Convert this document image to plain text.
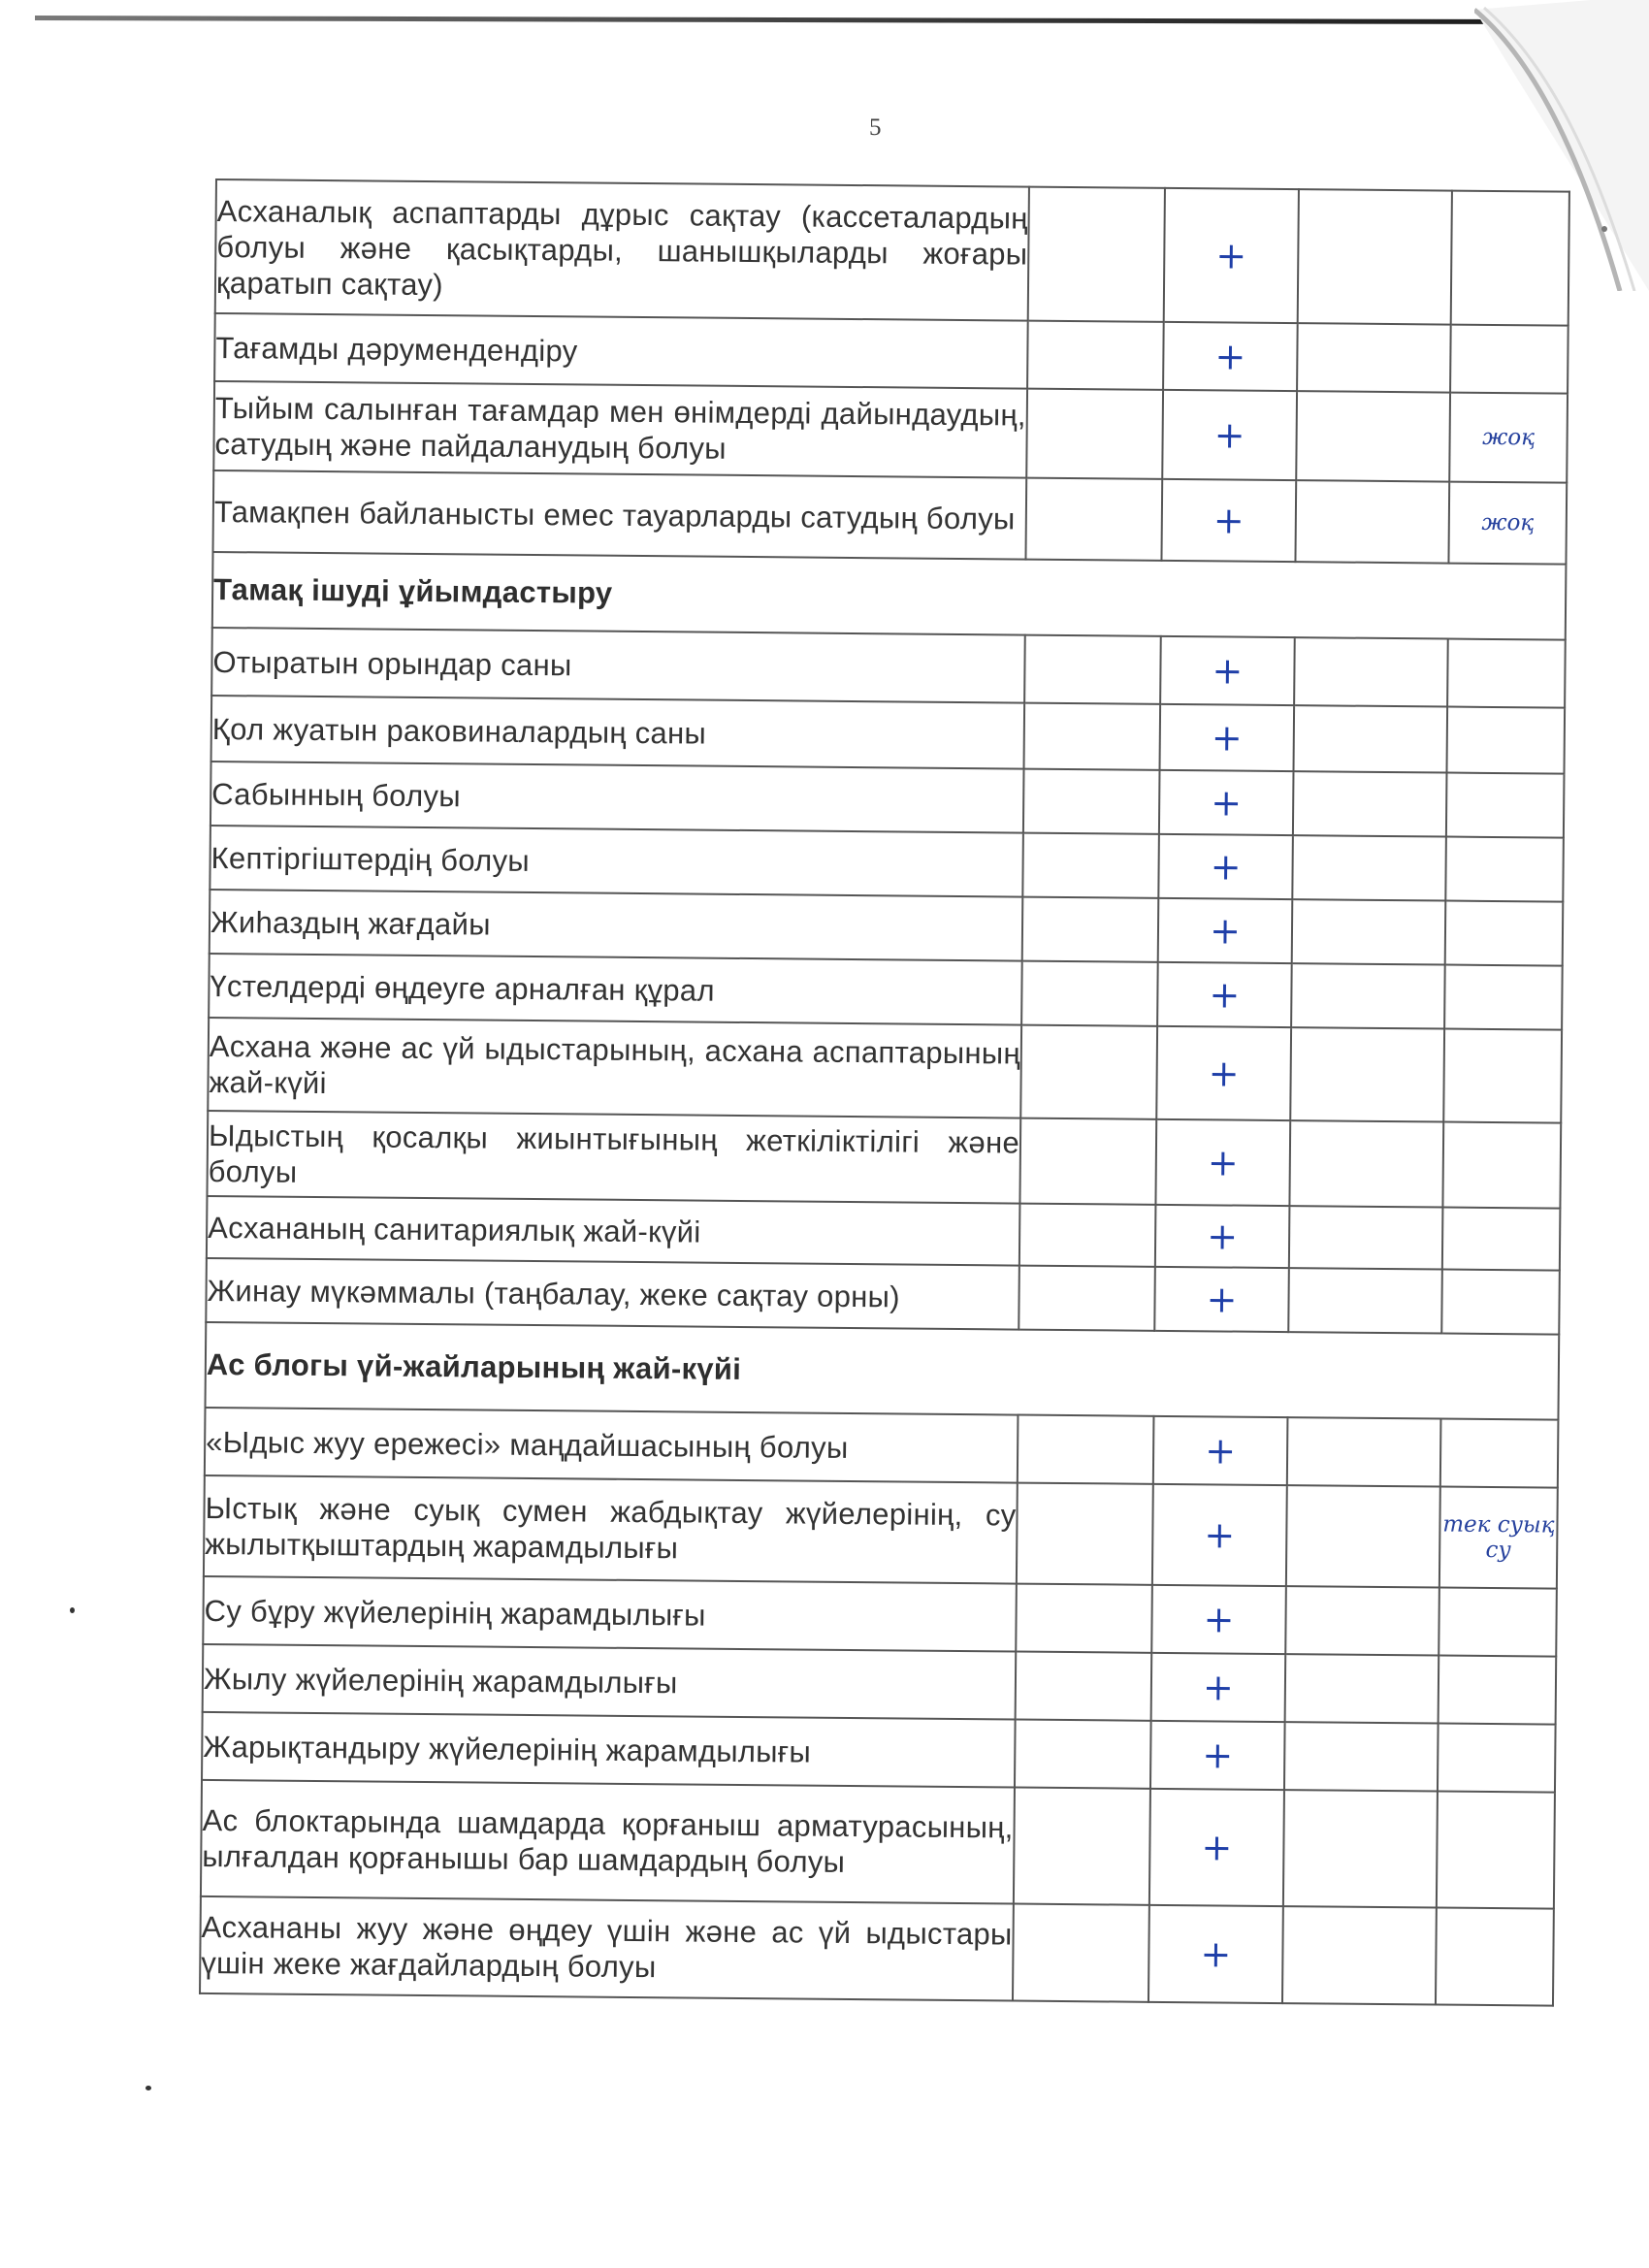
5
Асханалық аспаптарды дұрыс сақтау (кассеталардың болуы және қасықтарды, шанышқыларды жоғары қаратып сақтау)		+		
Тағамды дәрумендендіру		+		
Тыйым салынған тағамдар мен өнімдерді дайындаудың, сатудың және пайдаланудың болуы		+		жоқ
Тамақпен байланысты емес тауарларды сатудың болуы		+		жоқ
Тамақ ішуді ұйымдастыру				
Отыратын орындар саны		+		
Қол жуатын раковиналардың саны		+		
Сабынның болуы		+		
Кептіргіштердің болуы		+		
Жиһаздың жағдайы		+		
Үстелдерді өңдеуге арналған құрал		+		
Асхана және ас үй ыдыстарының, асхана аспаптарының жай-күйі		+		
Ыдыстың қосалқы жиынтығының жеткіліктілігі және болуы		+		
Асхананың санитариялық жай-күйі		+		
Жинау мүкәммалы (таңбалау, жеке сақтау орны)		+		
Ас блогы үй-жайларының жай-күйі				
«Ыдыс жуу ережесі» маңдайшасының болуы		+		
Ыстық және суық сумен жабдықтау жүйелерінің, су жылытқыштардың жарамдылығы		+		тек суық су
Су бұру жүйелерінің жарамдылығы		+		
Жылу жүйелерінің жарамдылығы		+		
Жарықтандыру жүйелерінің жарамдылығы		+		
Ас блоктарында шамдарда қорғаныш арматурасының, ылғалдан қорғанышы бар шамдардың болуы		+		
Асхананы жуу және өңдеу үшін және ас үй ыдыстары үшін жеке жағдайлардың болуы		+		
